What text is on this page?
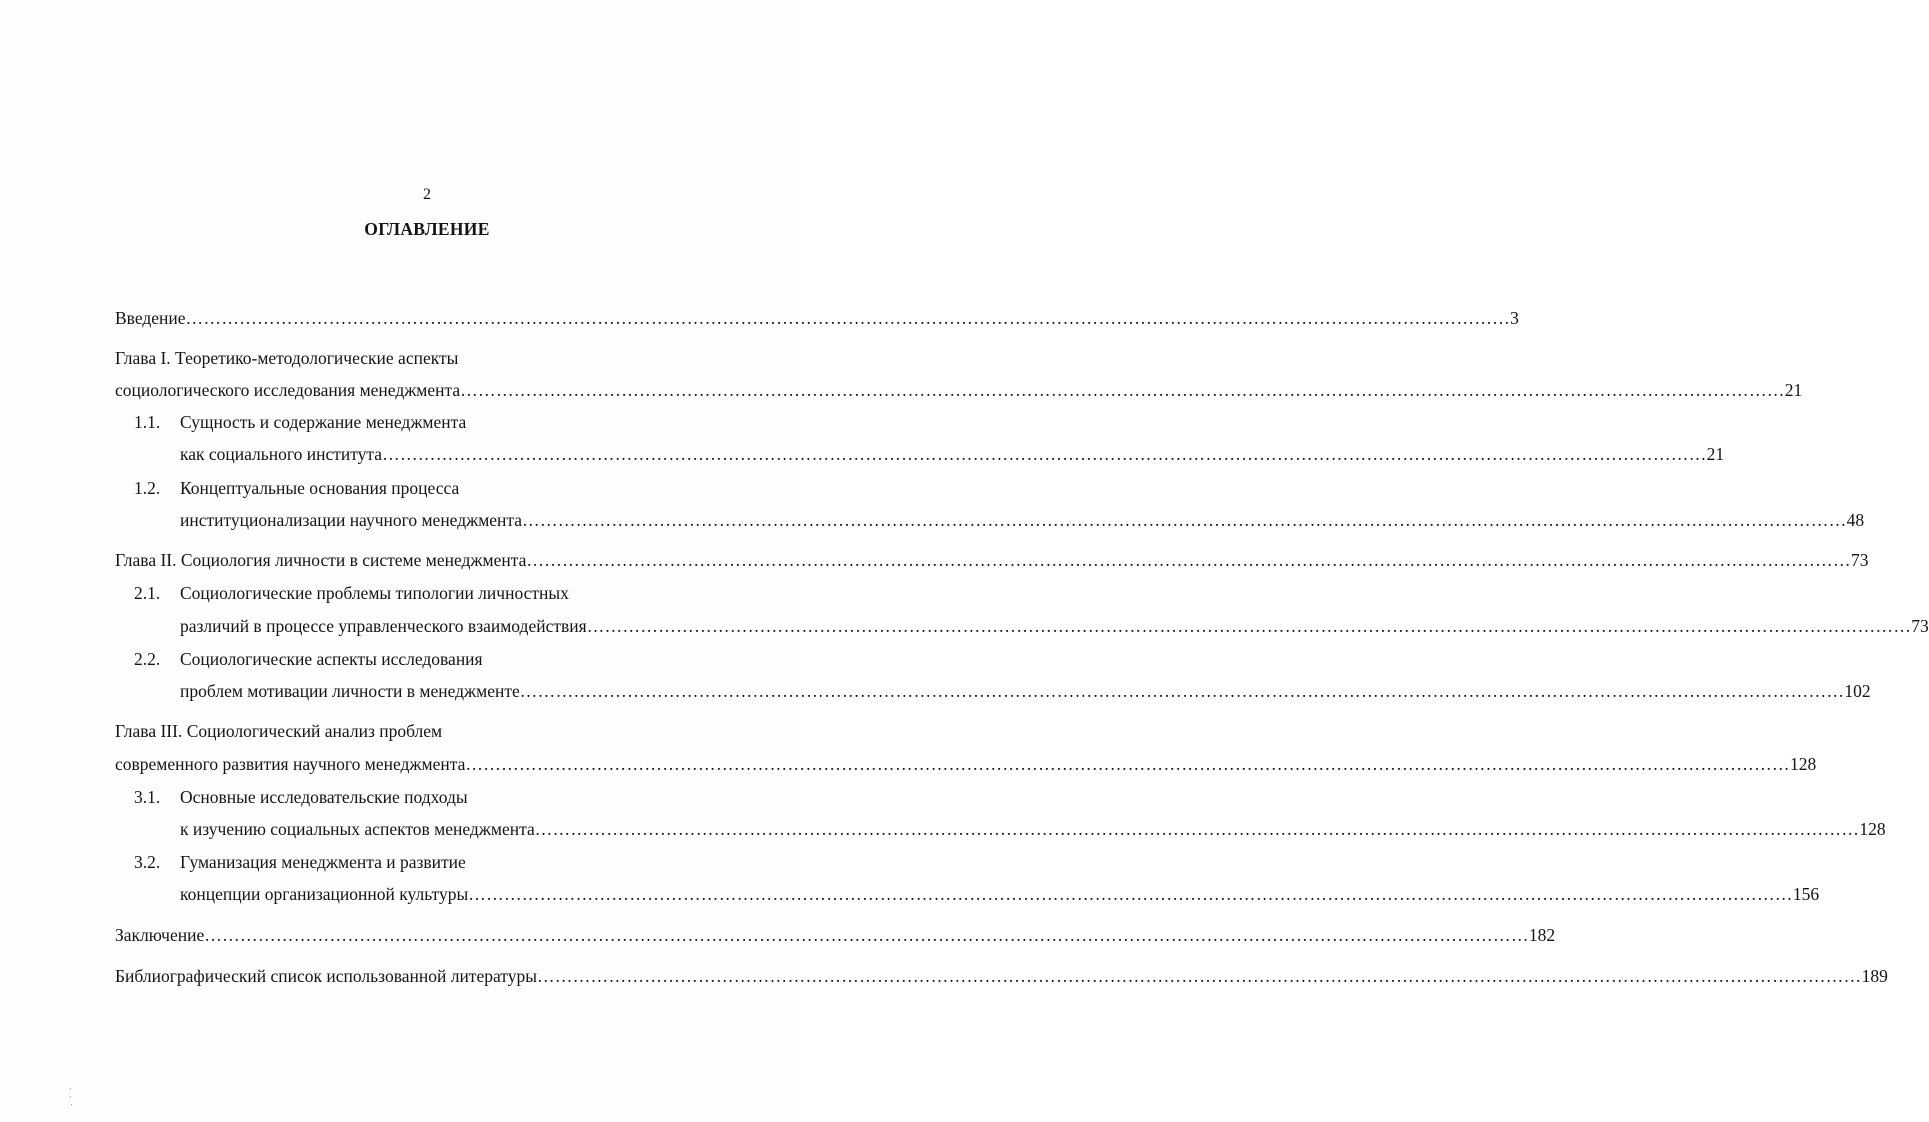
2
ОГЛАВЛЕНИЕ
Введение …………………………………………………………………………………………………………………………………………………………………………………………………… 3
Глава I. Теоретико-методологические аспекты
социологического исследования менеджмента …………………………………………………………………………………………………………………………………………………………………………………………………… 21
1.1. Сущность и содержание менеджмента
как социального института …………………………………………………………………………………………………………………………………………………………………………………………………… 21
1.2. Концептуальные основания процесса
институционализации научного менеджмента …………………………………………………………………………………………………………………………………………………………………………………………………… 48
Глава II. Социология личности в системе менеджмента …………………………………………………………………………………………………………………………………………………………………………………………………… 73
2.1. Социологические проблемы типологии личностных
различий в процессе управленческого взаимодействия …………………………………………………………………………………………………………………………………………………………………………………………………… 73
2.2. Социологические аспекты исследования
проблем мотивации личности в менеджменте …………………………………………………………………………………………………………………………………………………………………………………………………… 102
Глава III. Социологический анализ проблем
современного развития научного менеджмента …………………………………………………………………………………………………………………………………………………………………………………………………… 128
3.1. Основные исследовательские подходы
к изучению социальных аспектов менеджмента …………………………………………………………………………………………………………………………………………………………………………………………………… 128
3.2. Гуманизация менеджмента и развитие
концепции организационной культуры …………………………………………………………………………………………………………………………………………………………………………………………………… 156
Заключение …………………………………………………………………………………………………………………………………………………………………………………………………… 182
Библиографический список использованной литературы …………………………………………………………………………………………………………………………………………………………………………………………………… 189
